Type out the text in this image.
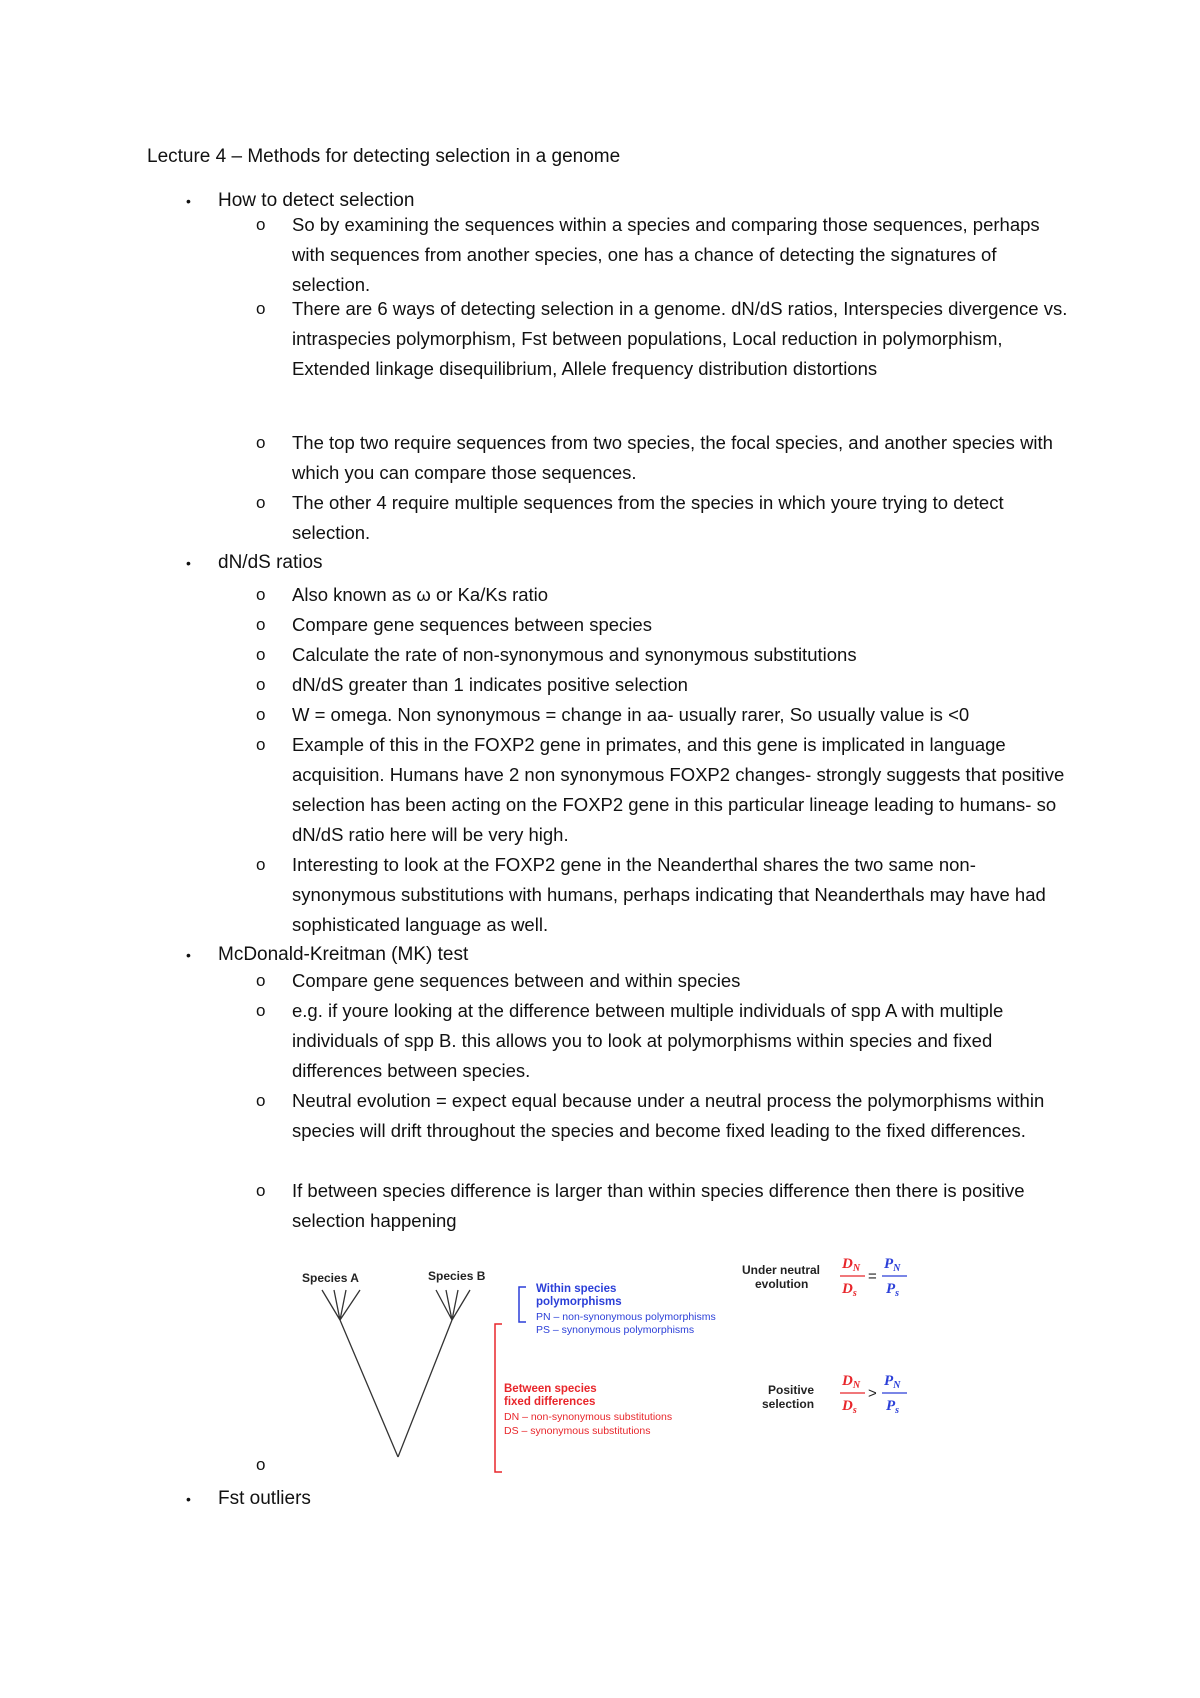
Lecture 4 – Methods for detecting selection in a genome
• How to detect selection
o So by examining the sequences within a species and comparing those sequences, perhaps with sequences from another species, one has a chance of detecting the signatures of selection.
o There are 6 ways of detecting selection in a genome. dN/dS ratios, Interspecies divergence vs. intraspecies polymorphism, Fst between populations, Local reduction in polymorphism, Extended linkage disequilibrium, Allele frequency distribution distortions
o The top two require sequences from two species, the focal species, and another species with which you can compare those sequences.
o The other 4 require multiple sequences from the species in which youre trying to detect selection.
• dN/dS ratios
o Also known as ω or Ka/Ks ratio
o Compare gene sequences between species
o Calculate the rate of non-synonymous and synonymous substitutions
o dN/dS greater than 1 indicates positive selection
o W = omega. Non synonymous = change in aa- usually rarer, So usually value is <0
o Example of this in the FOXP2 gene in primates, and this gene is implicated in language acquisition. Humans have 2 non synonymous FOXP2 changes- strongly suggests that positive selection has been acting on the FOXP2 gene in this particular lineage leading to humans- so dN/dS ratio here will be very high.
o Interesting to look at the FOXP2 gene in the Neanderthal shares the two same non-synonymous substitutions with humans, perhaps indicating that Neanderthals may have had sophisticated language as well.
• McDonald-Kreitman (MK) test
o Compare gene sequences between and within species
o e.g. if youre looking at the difference between multiple individuals of spp A with multiple individuals of spp B. this allows you to look at polymorphisms within species and fixed differences between species.
o Neutral evolution = expect equal because under a neutral process the polymorphisms within species will drift throughout the species and become fixed leading to the fixed differences.
o If between species difference is larger than within species difference then there is positive selection happening
o
Species A	Species B
Within species
polymorphisms
PN – non-synonymous polymorphisms
PS – synonymous polymorphisms
Between species
fixed differences
DN – non-synonymous substitutions
DS – synonymous substitutions
Under neutral
evolution
$D_N$
$D_s$
=
$P_N$
$P_s$
Positive
selection
$D_N$
$D_s$
>
$P_N$
$P_s$
• Fst outliers
